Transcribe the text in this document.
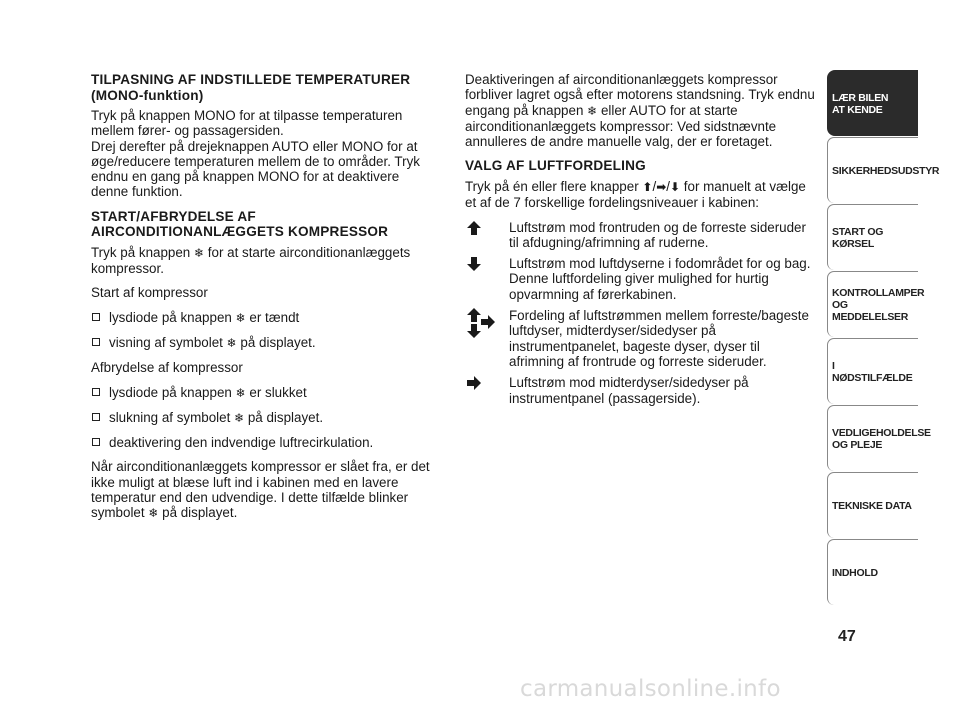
TILPASNING AF INDSTILLEDE TEMPERATURER (MONO-funktion)

Tryk på knappen MONO for at tilpasse temperaturen mellem fører- og passagersiden.

Drej derefter på drejeknappen AUTO eller MONO for at øge/reducere temperaturen mellem de to områder. Tryk endnu en gang på knappen MONO for at deaktivere denne funktion.

START/AFBRYDELSE AF AIRCONDITIONANLÆGGETS KOMPRESSOR

Tryk på knappen ❄ for at starte airconditionanlæggets kompressor.

Start af kompressor

lysdiode på knappen ❄ er tændt
visning af symbolet ❄ på displayet.

Afbrydelse af kompressor

lysdiode på knappen ❄ er slukket
slukning af symbolet ❄ på displayet.
deaktivering den indvendige luftrecirkulation.

Når airconditionanlæggets kompressor er slået fra, er det ikke muligt at blæse luft ind i kabinen med en lavere temperatur end den udvendige. I dette tilfælde blinker symbolet ❄ på displayet.

Deaktiveringen af airconditionanlæggets kompressor forbliver lagret også efter motorens standsning. Tryk endnu engang på knappen ❄ eller AUTO for at starte airconditionanlæggets kompressor: Ved sidstnævnte annulleres de andre manuelle valg, der er foretaget.

VALG AF LUFTFORDELING

Tryk på én eller flere knapper ⬆/➡/⬇ for manuelt at vælge et af de 7 forskellige fordelingsniveauer i kabinen:

Luftstrøm mod frontruden og de forreste sideruder til afdugning/afrimning af ruderne.
Luftstrøm mod luftdyserne i fodområdet for og bag. Denne luftfordeling giver mulighed for hurtig opvarmning af førerkabinen.
Fordeling af luftstrømmen mellem forreste/bageste luftdyser, midterdyser/sidedyser på instrumentpanelet, bageste dyser, dyser til afrimning af frontrude og forreste sideruder.
Luftstrøm mod midterdyser/sidedyser på instrumentpanel (passagerside).
LÆR BILEN
AT KENDE
SIKKERHEDSUDSTYR
START OG KØRSEL
KONTROLLAMPER
OG MEDDELELSER
I NØDSTILFÆLDE
VEDLIGEHOLDELSE
OG PLEJE
TEKNISKE DATA
INDHOLD
47
carmanualsonline.info
